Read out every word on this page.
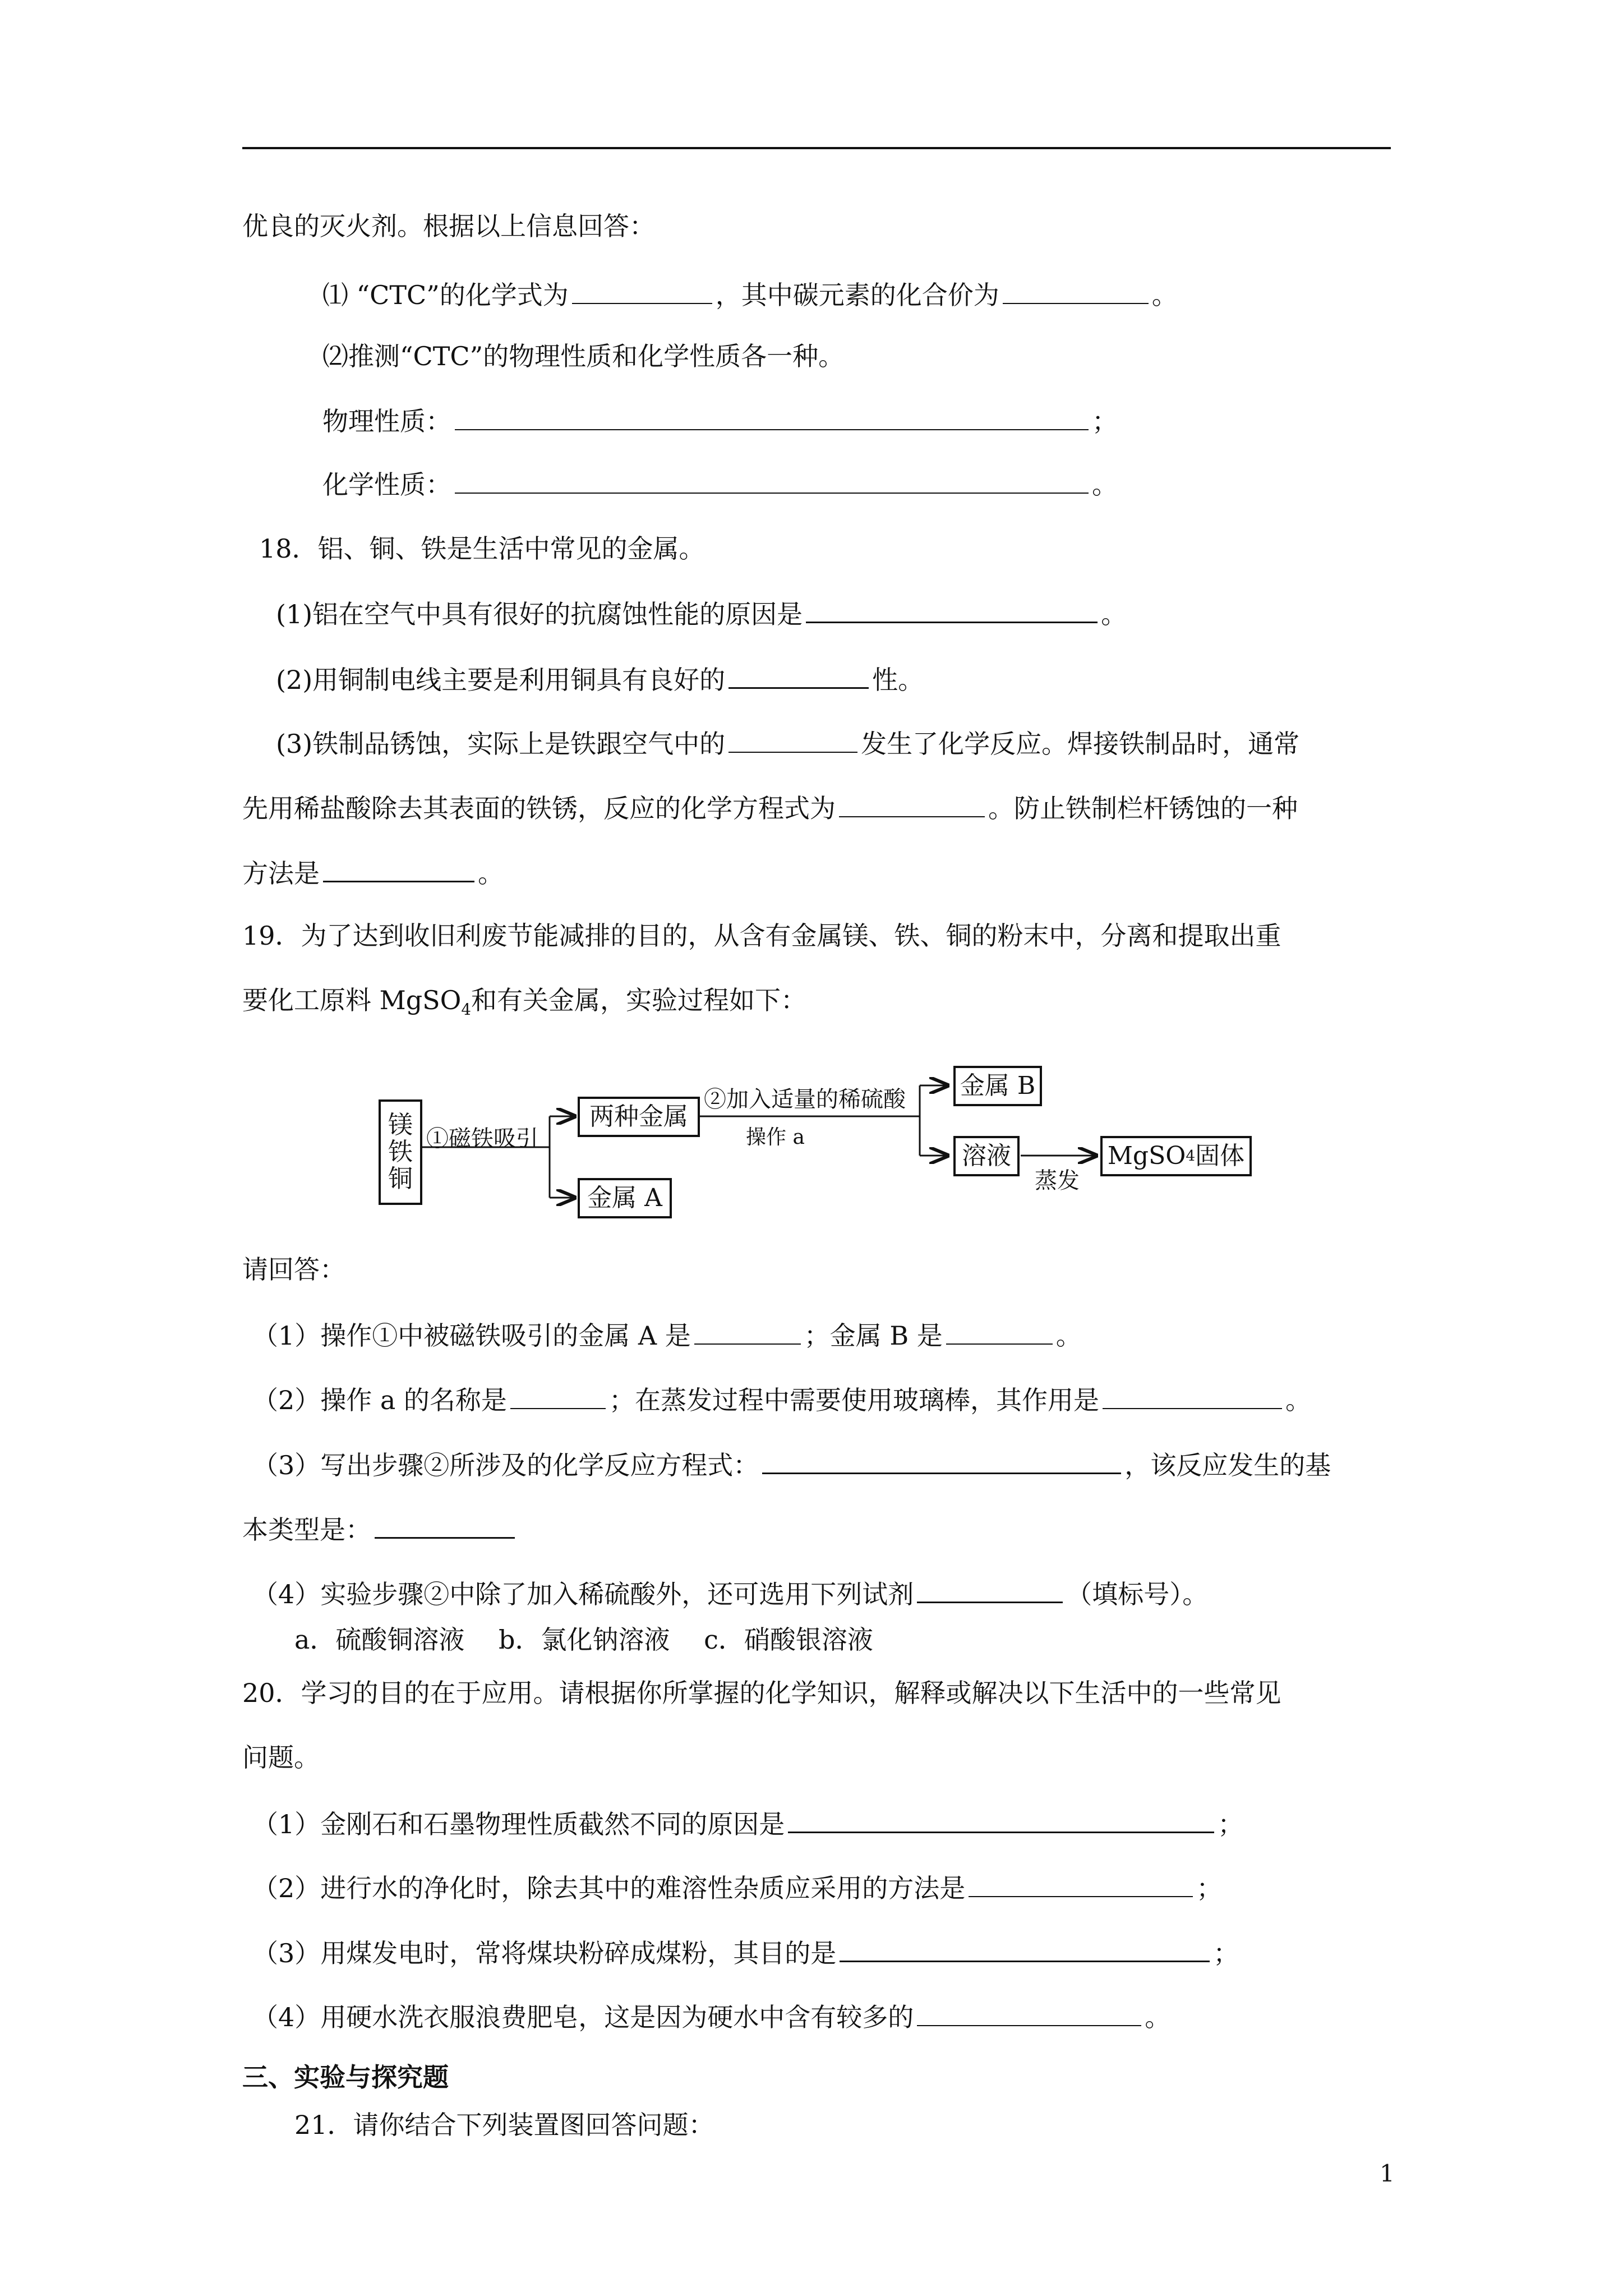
优良的灭火剂。根据以上信息回答：
⑴ “CTC”的化学式为	，其中碳元素的化合价为	。
⑵推测“CTC”的物理性质和化学性质各一种。
物理性质：	；
化学性质：	。
18．铝、铜、铁是生活中常见的金属。
(1)铝在空气中具有很好的抗腐蚀性能的原因是	。
(2)用铜制电线主要是利用铜具有良好的	性。
(3)铁制品锈蚀，实际上是铁跟空气中的	发生了化学反应。焊接铁制品时，通常
先用稀盐酸除去其表面的铁锈，反应的化学方程式为	。防止铁制栏杆锈蚀的一种
方法是	。
19．为了达到收旧利废节能减排的目的，从含有金属镁、铁、铜的粉末中，分离和提取出重
要化工原料 MgSO$_4$和有关金属，实验过程如下：
镁
铁
铜
①磁铁吸引
两种金属
②加入适量的稀硫酸
操作 a
金属 B
溶液
蒸发
MgSO 4 固体
金属 A
请回答：
（1）操作①中被磁铁吸引的金属 A 是	；金属 B 是	。
（2）操作 a 的名称是	；在蒸发过程中需要使用玻璃棒，其作用是	。
（3）写出步骤②所涉及的化学反应方程式：	，该反应发生的基
本类型是：
（4）实验步骤②中除了加入稀硫酸外，还可选用下列试剂	（填标号）。
a．硫酸铜溶液　 b．氯化钠溶液　 c．硝酸银溶液
20．学习的目的在于应用。请根据你所掌握的化学知识，解释或解决以下生活中的一些常见
问题。
（1）金刚石和石墨物理性质截然不同的原因是	；
（2）进行水的净化时，除去其中的难溶性杂质应采用的方法是	；
（3）用煤发电时，常将煤块粉碎成煤粉，其目的是	；
（4）用硬水洗衣服浪费肥皂，这是因为硬水中含有较多的	。
三、实验与探究题
21．请你结合下列装置图回答问题：
1
